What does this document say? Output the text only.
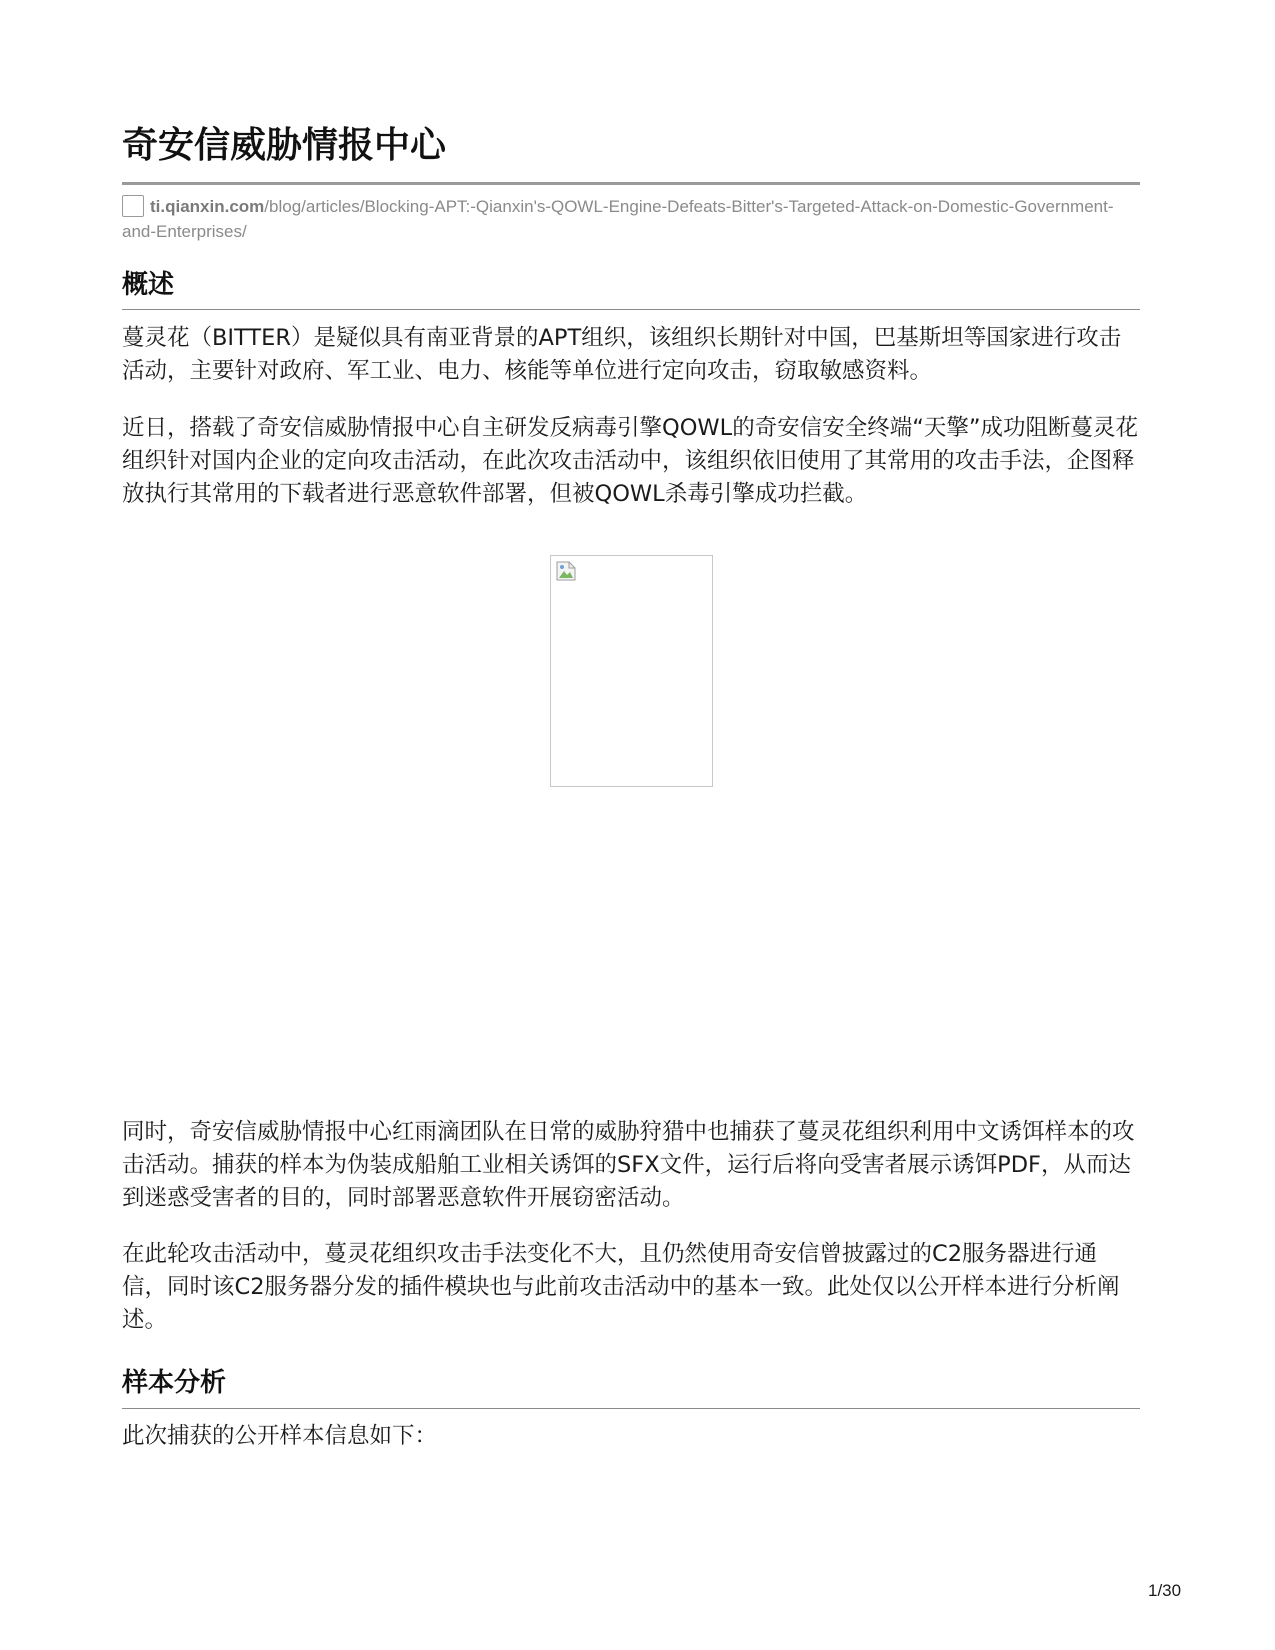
奇安信威胁情报中心
ti.qianxin.com/blog/articles/Blocking-APT:-Qianxin's-QOWL-Engine-Defeats-Bitter's-Targeted-Attack-on-Domestic-Government-and-Enterprises/
概述

蔓灵花（BITTER）是疑似具有南亚背景的APT组织，该组织长期针对中国，巴基斯坦等国家进行攻击活动，主要针对政府、军工业、电力、核能等单位进行定向攻击，窃取敏感资料。

近日，搭载了奇安信威胁情报中心自主研发反病毒引擎QOWL的奇安信安全终端“天擎”成功阻断蔓灵花组织针对国内企业的定向攻击活动，在此次攻击活动中，该组织依旧使用了其常用的攻击手法，企图释放执行其常用的下载者进行恶意软件部署，但被QOWL杀毒引擎成功拦截。

同时，奇安信威胁情报中心红雨滴团队在日常的威胁狩猎中也捕获了蔓灵花组织利用中文诱饵样本的攻击活动。捕获的样本为伪装成船舶工业相关诱饵的SFX文件，运行后将向受害者展示诱饵PDF，从而达到迷惑受害者的目的，同时部署恶意软件开展窃密活动。

在此轮攻击活动中，蔓灵花组织攻击手法变化不大，且仍然使用奇安信曾披露过的C2服务器进行通信，同时该C2服务器分发的插件模块也与此前攻击活动中的基本一致。此处仅以公开样本进行分析阐述。

样本分析

此次捕获的公开样本信息如下：

1/30
